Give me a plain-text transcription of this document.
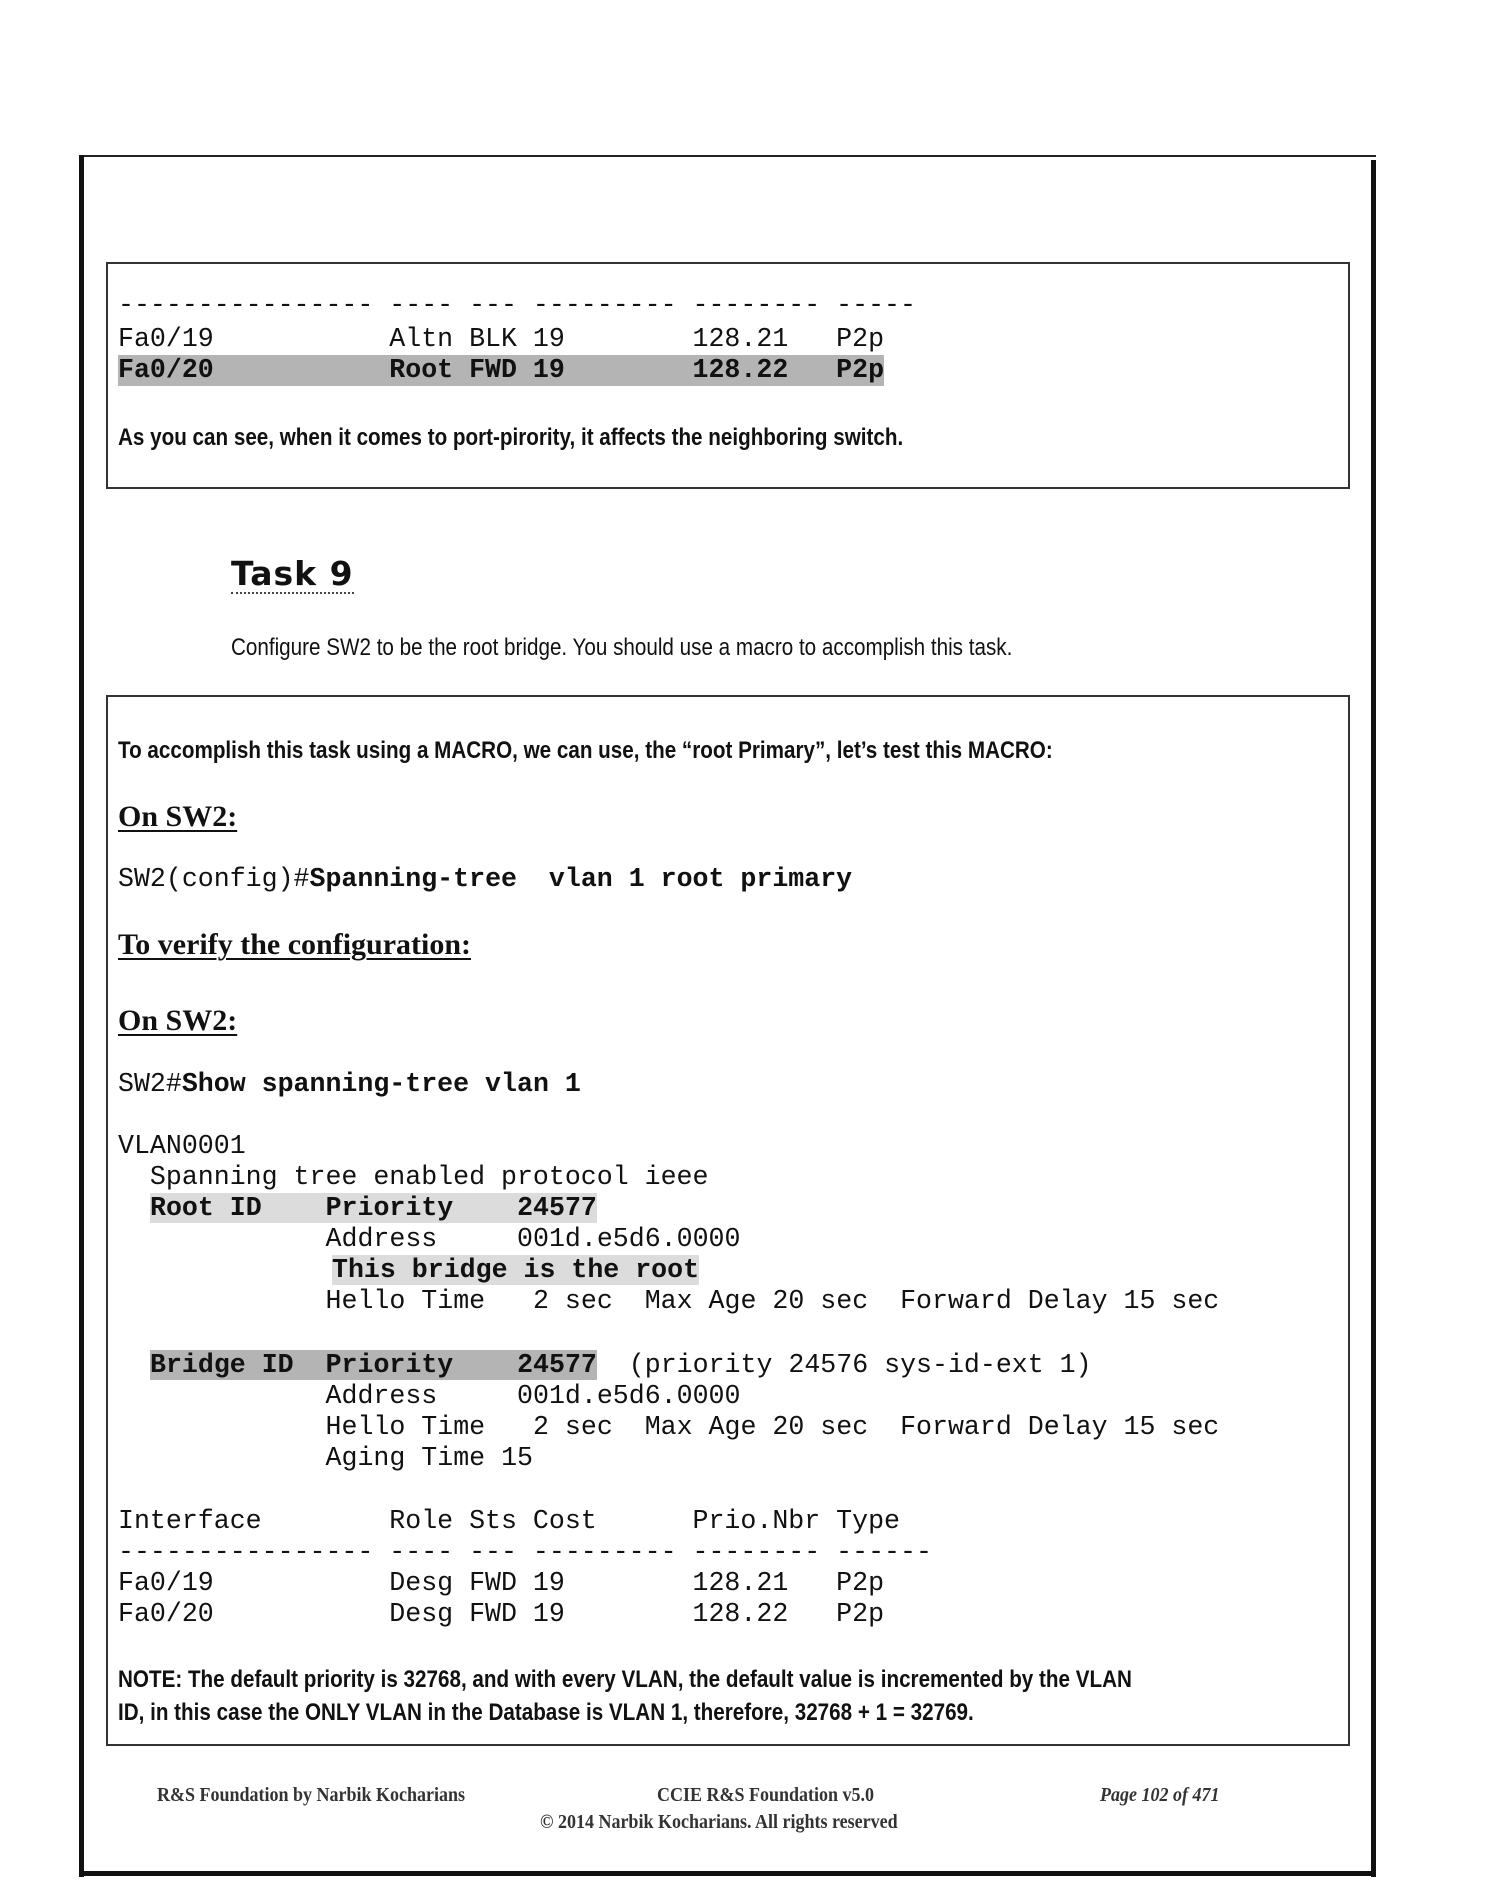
---------------- ---- --- --------- -------- -----
Fa0/19           Altn BLK 19        128.21   P2p
Fa0/20           Root FWD 19        128.22   P2p
As you can see, when it comes to port-pirority, it affects the neighboring switch.
Task 9
Configure SW2 to be the root bridge. You should use a macro to accomplish this task.
To accomplish this task using a MACRO, we can use, the “root Primary”, let’s test this MACRO:
On SW2:
SW2(config)#Spanning-tree  vlan 1 root primary
To verify the configuration:
On SW2:
SW2#Show spanning-tree vlan 1
VLAN0001
Spanning tree enabled protocol ieee
Root ID Priority 24577
Address     001d.e5d6.0000
This bridge is the root
Hello Time   2 sec  Max Age 20 sec  Forward Delay 15 sec
Bridge ID Priority 24577 (priority 24576 sys-id-ext 1)
Address     001d.e5d6.0000
Hello Time   2 sec  Max Age 20 sec  Forward Delay 15 sec
Aging Time 15
Interface        Role Sts Cost      Prio.Nbr Type
---------------- ---- --- --------- -------- ------
Fa0/19           Desg FWD 19        128.21   P2p
Fa0/20           Desg FWD 19        128.22   P2p
NOTE: The default priority is 32768, and with every VLAN, the default value is incremented by the VLAN
ID, in this case the ONLY VLAN in the Database is VLAN 1, therefore, 32768 + 1 = 32769.
R&S Foundation by Narbik Kocharians	CCIE R&S Foundation v5.0	Page 102 of 471
© 2014 Narbik Kocharians. All rights reserved
